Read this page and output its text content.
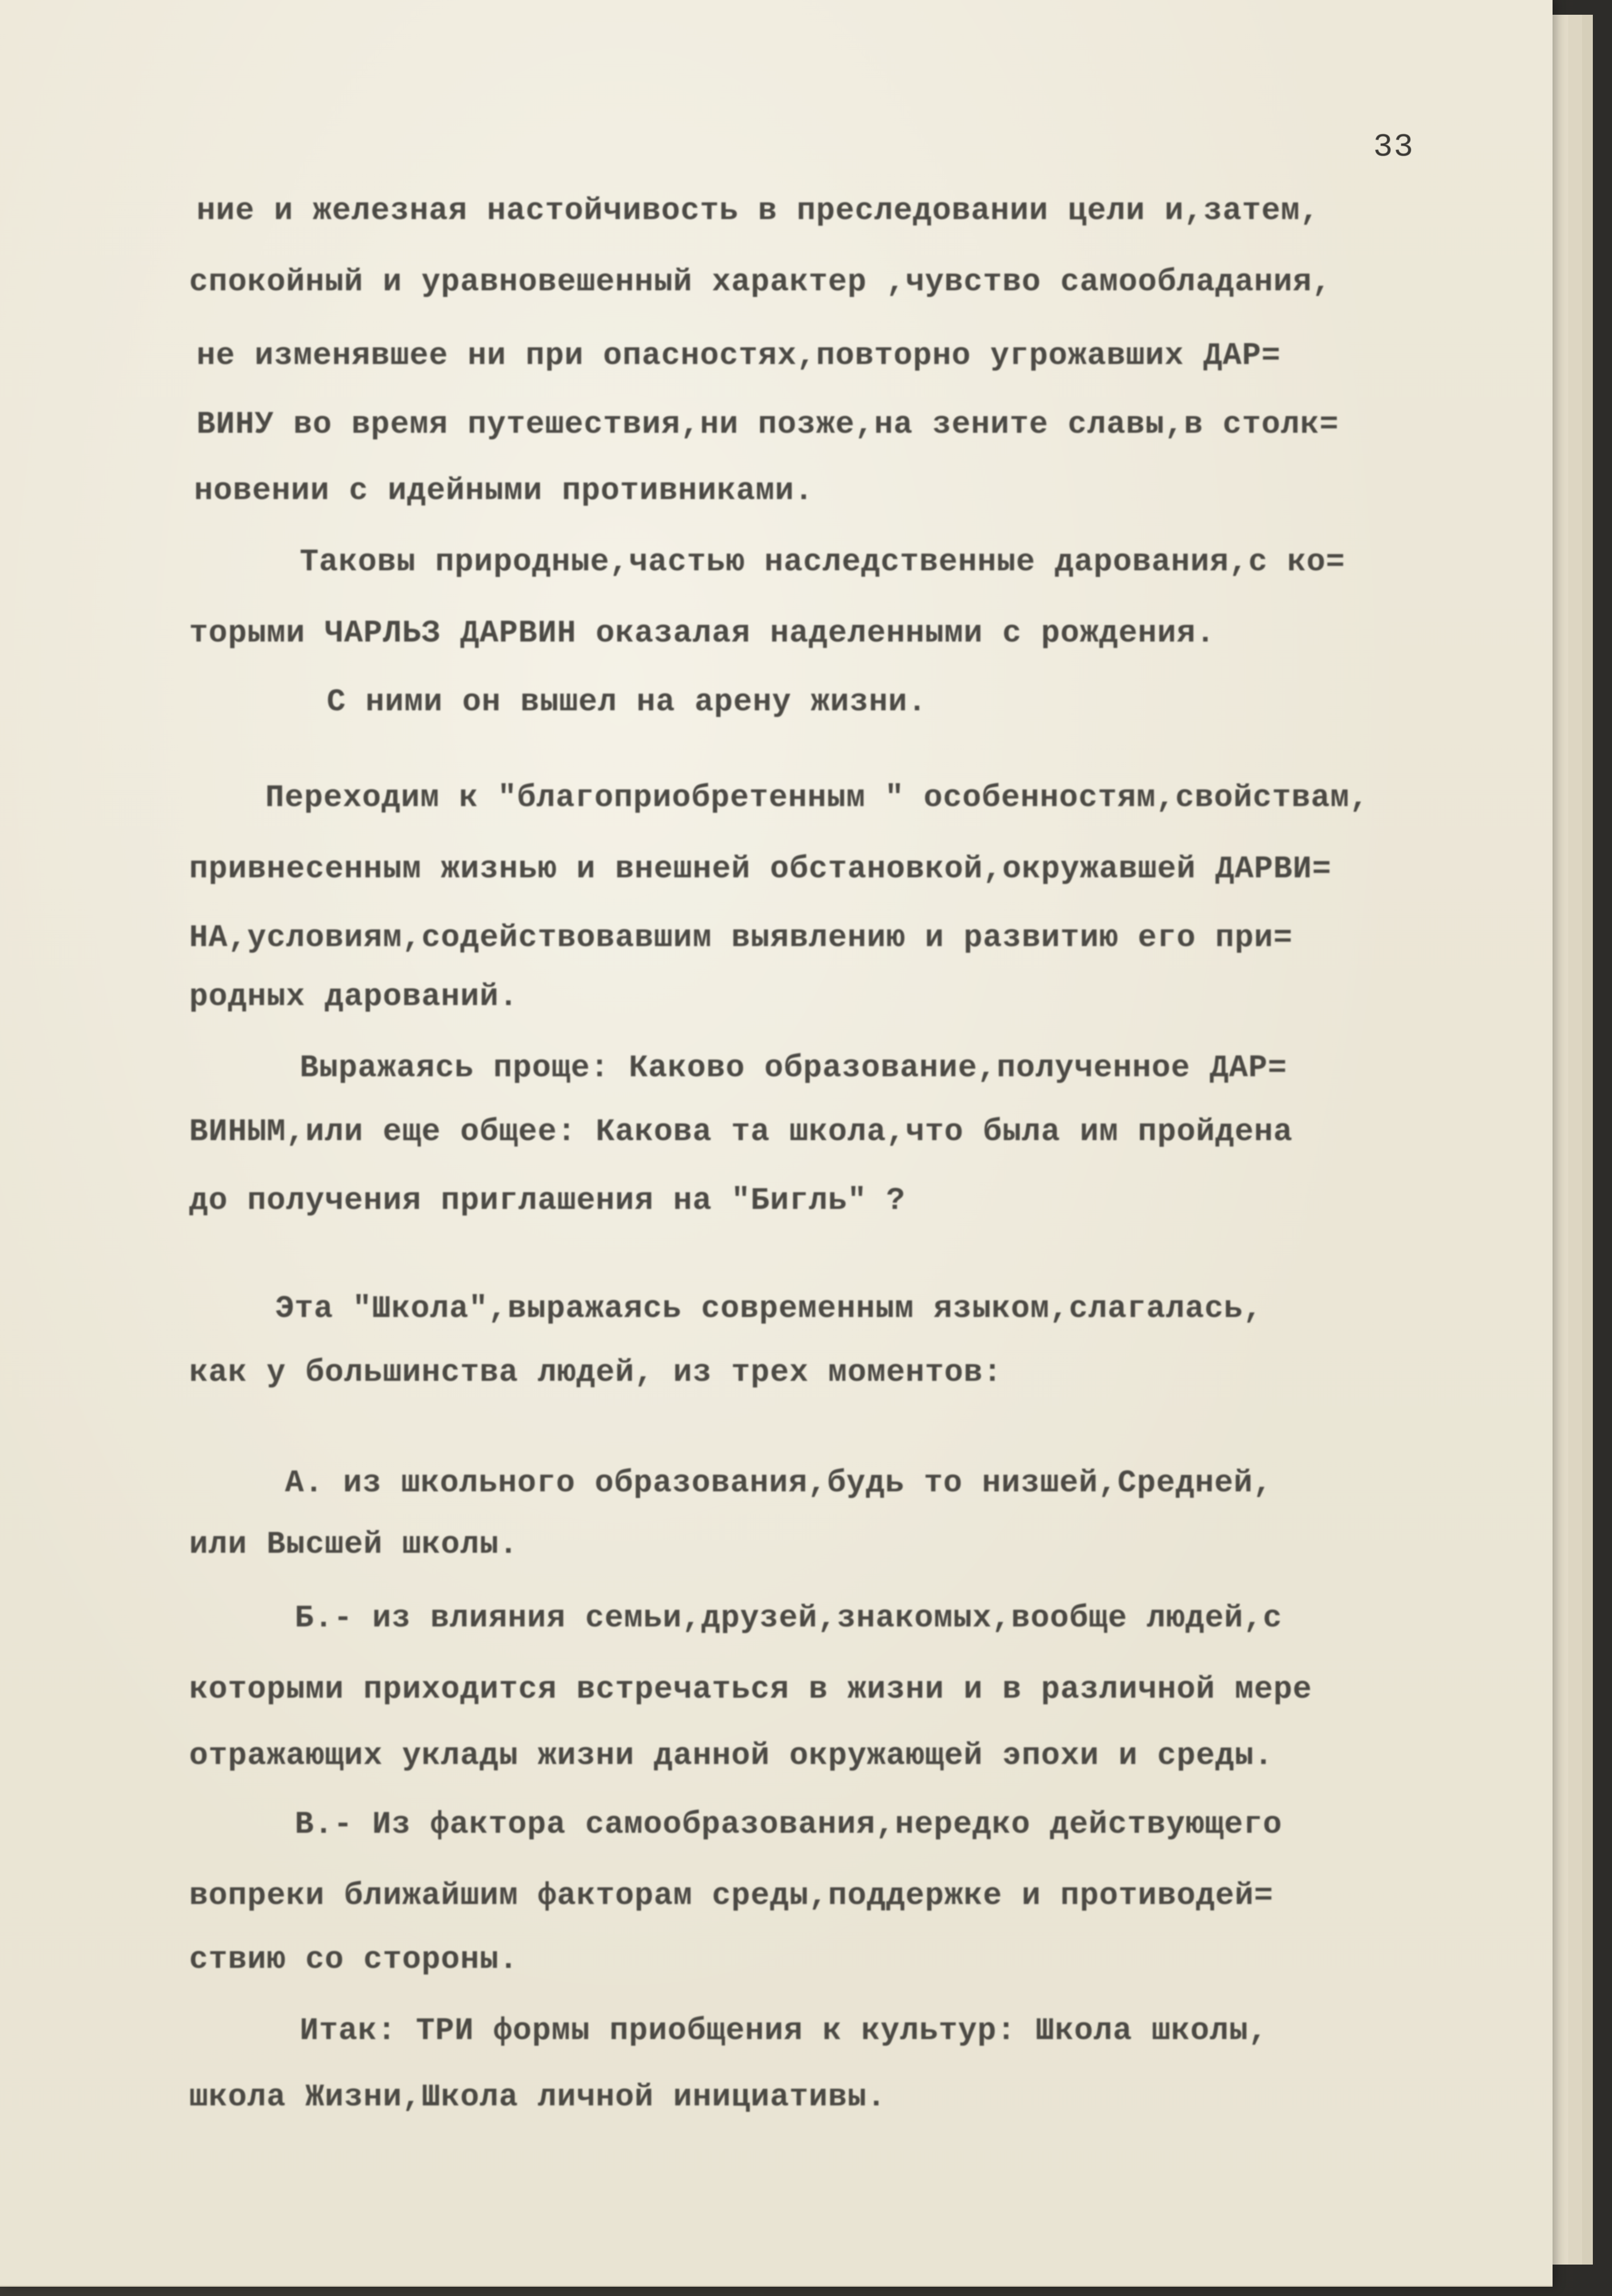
33
ние и железная настойчивость в преследовании цели и,затем,
спокойный и уравновешенный характер ,чувство самообладания,
не изменявшее ни при опасностях,повторно угрожавших ДАР=
ВИНУ во время путешествия,ни позже,на зените славы,в столк=
новении с идейными противниками.
Таковы природные,частью наследственные дарования,с ко=
торыми ЧАРЛЬЗ ДАРВИН оказалая наделенными с рождения.
С ними он вышел на арену жизни.
Переходим к "благоприобретенным " особенностям,свойствам,
привнесенным жизнью и внешней обстановкой,окружавшей ДАРВИ=
НА,условиям,содействовавшим выявлению и развитию его при=
родных дарований.
Выражаясь проще: Каково образование,полученное ДАР=
ВИНЫМ,или еще общее: Какова та школа,что была им пройдена
до получения приглашения на "Бигль" ?
Эта "Школа",выражаясь современным языком,слагалась,
как у большинства людей, из трех моментов:
А. из школьного образования,будь то низшей,Средней,
или Высшей школы.
Б.- из влияния семьи,друзей,знакомых,вообще людей,с
которыми приходится встречаться в жизни и в различной мере
отражающих уклады жизни данной окружающей эпохи и среды.
В.- Из фактора самообразования,нередко действующего
вопреки ближайшим факторам среды,поддержке и противодей=
ствию со стороны.
Итак: ТРИ формы приобщения к культур: Школа школы,
школа Жизни,Школа личной инициативы.
